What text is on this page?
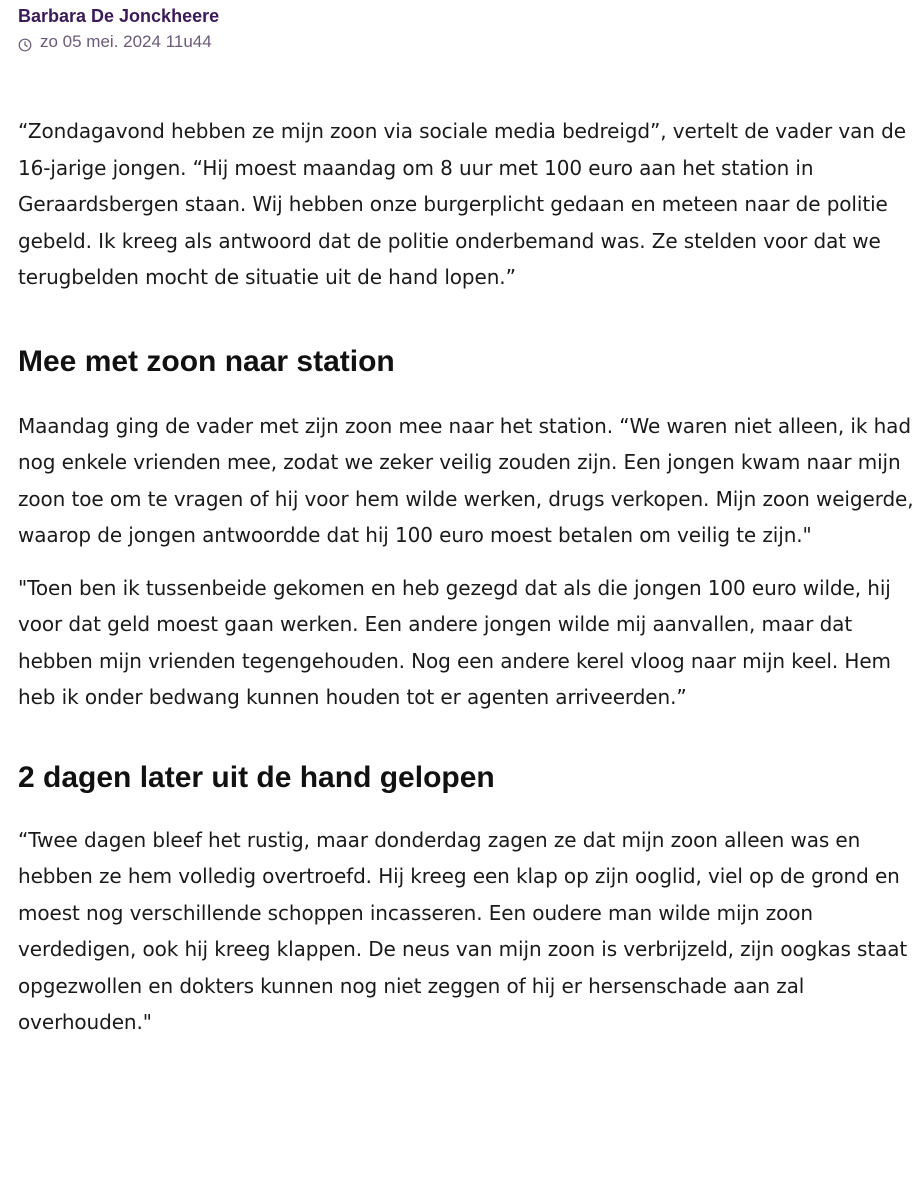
Barbara De Jonckheere
zo 05 mei. 2024 11u44

“Zondagavond hebben ze mijn zoon via sociale media bedreigd”, vertelt de vader van de 16-jarige jongen. “Hij moest maandag om 8 uur met 100 euro aan het station in Geraardsbergen staan. Wij hebben onze burgerplicht gedaan en meteen naar de politie gebeld. Ik kreeg als antwoord dat de politie onderbemand was. Ze stelden voor dat we terugbelden mocht de situatie uit de hand lopen.”

Mee met zoon naar station

Maandag ging de vader met zijn zoon mee naar het station. “We waren niet alleen, ik had nog enkele vrienden mee, zodat we zeker veilig zouden zijn. Een jongen kwam naar mijn zoon toe om te vragen of hij voor hem wilde werken, drugs verkopen. Mijn zoon weigerde, waarop de jongen antwoordde dat hij 100 euro moest betalen om veilig te zijn."

"Toen ben ik tussenbeide gekomen en heb gezegd dat als die jongen 100 euro wilde, hij voor dat geld moest gaan werken. Een andere jongen wilde mij aanvallen, maar dat hebben mijn vrienden tegengehouden. Nog een andere kerel vloog naar mijn keel. Hem heb ik onder bedwang kunnen houden tot er agenten arriveerden.”

2 dagen later uit de hand gelopen

“Twee dagen bleef het rustig, maar donderdag zagen ze dat mijn zoon alleen was en hebben ze hem volledig overtroefd. Hij kreeg een klap op zijn ooglid, viel op de grond en moest nog verschillende schoppen incasseren. Een oudere man wilde mijn zoon verdedigen, ook hij kreeg klappen. De neus van mijn zoon is verbrijzeld, zijn oogkas staat opgezwollen en dokters kunnen nog niet zeggen of hij er hersenschade aan zal overhouden."
